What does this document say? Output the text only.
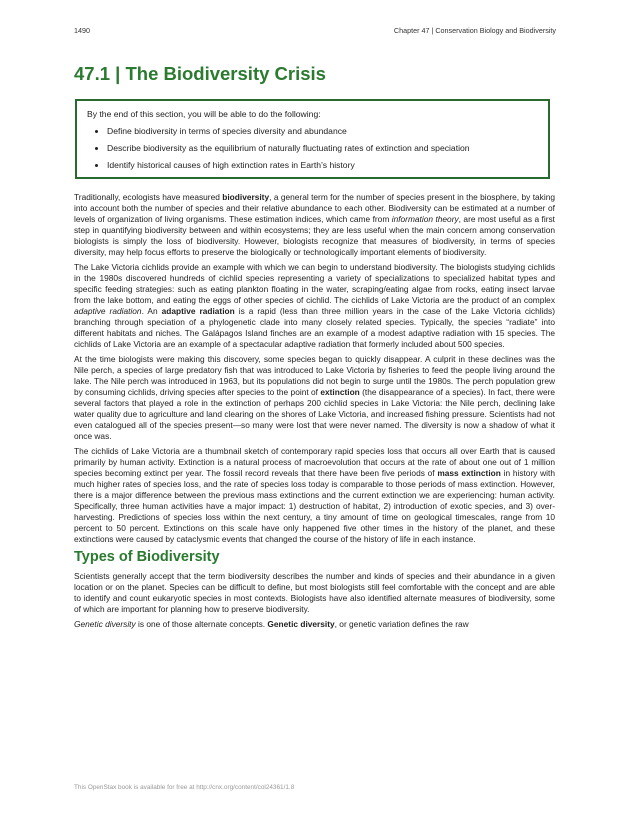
1490	Chapter 47 | Conservation Biology and Biodiversity
47.1 | The Biodiversity Crisis

By the end of this section, you will be able to do the following:

• Define biodiversity in terms of species diversity and abundance
• Describe biodiversity as the equilibrium of naturally fluctuating rates of extinction and speciation
• Identify historical causes of high extinction rates in Earth’s history

Traditionally, ecologists have measured biodiversity, a general term for the number of species present in the biosphere, by taking into account both the number of species and their relative abundance to each other. Biodiversity can be estimated at a number of levels of organization of living organisms. These estimation indices, which came from information theory, are most useful as a first step in quantifying biodiversity between and within ecosystems; they are less useful when the main concern among conservation biologists is simply the loss of biodiversity. However, biologists recognize that measures of biodiversity, in terms of species diversity, may help focus efforts to preserve the biologically or technologically important elements of biodiversity.

The Lake Victoria cichlids provide an example with which we can begin to understand biodiversity. The biologists studying cichlids in the 1980s discovered hundreds of cichlid species representing a variety of specializations to specialized habitat types and specific feeding strategies: such as eating plankton floating in the water, scraping/eating algae from rocks, eating insect larvae from the lake bottom, and eating the eggs of other species of cichlid. The cichlids of Lake Victoria are the product of an complex adaptive radiation. An adaptive radiation is a rapid (less than three million years in the case of the Lake Victoria cichlids) branching through speciation of a phylogenetic clade into many closely related species. Typically, the species “radiate” into different habitats and niches. The Galápagos Island finches are an example of a modest adaptive radiation with 15 species. The cichlids of Lake Victoria are an example of a spectacular adaptive radiation that formerly included about 500 species.

At the time biologists were making this discovery, some species began to quickly disappear. A culprit in these declines was the Nile perch, a species of large predatory fish that was introduced to Lake Victoria by fisheries to feed the people living around the lake. The Nile perch was introduced in 1963, but its populations did not begin to surge until the 1980s. The perch population grew by consuming cichlids, driving species after species to the point of extinction (the disappearance of a species). In fact, there were several factors that played a role in the extinction of perhaps 200 cichlid species in Lake Victoria: the Nile perch, declining lake water quality due to agriculture and land clearing on the shores of Lake Victoria, and increased fishing pressure. Scientists had not even catalogued all of the species present—so many were lost that were never named. The diversity is now a shadow of what it once was.

The cichlids of Lake Victoria are a thumbnail sketch of contemporary rapid species loss that occurs all over Earth that is caused primarily by human activity. Extinction is a natural process of macroevolution that occurs at the rate of about one out of 1 million species becoming extinct per year. The fossil record reveals that there have been five periods of mass extinction in history with much higher rates of species loss, and the rate of species loss today is comparable to those periods of mass extinction. However, there is a major difference between the previous mass extinctions and the current extinction we are experiencing: human activity. Specifically, three human activities have a major impact: 1) destruction of habitat, 2) introduction of exotic species, and 3) over-harvesting. Predictions of species loss within the next century, a tiny amount of time on geological timescales, range from 10 percent to 50 percent. Extinctions on this scale have only happened five other times in the history of the planet, and these extinctions were caused by cataclysmic events that changed the course of the history of life in each instance.

Types of Biodiversity

Scientists generally accept that the term biodiversity describes the number and kinds of species and their abundance in a given location or on the planet. Species can be difficult to define, but most biologists still feel comfortable with the concept and are able to identify and count eukaryotic species in most contexts. Biologists have also identified alternate measures of biodiversity, some of which are important for planning how to preserve biodiversity.

Genetic diversity is one of those alternate concepts. Genetic diversity, or genetic variation defines the raw

This OpenStax book is available for free at http://cnx.org/content/col24361/1.8
